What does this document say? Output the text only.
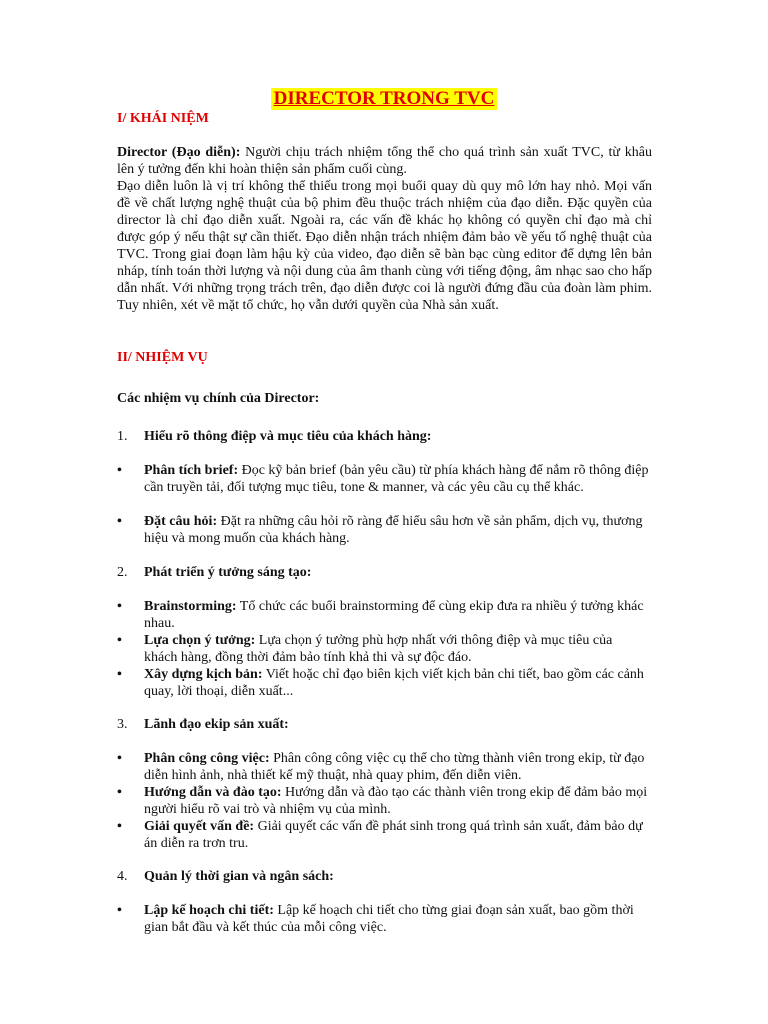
DIRECTOR TRONG TVC
I/ KHÁI NIỆM
Director (Đạo diễn): Người chịu trách nhiệm tổng thể cho quá trình sản xuất TVC, từ khâu lên ý tưởng đến khi hoàn thiện sản phẩm cuối cùng.
Đạo diễn luôn là vị trí không thể thiếu trong mọi buổi quay dù quy mô lớn hay nhỏ. Mọi vấn đề về chất lượng nghệ thuật của bộ phim đều thuộc trách nhiệm của đạo diễn. Đặc quyền của director là chỉ đạo diễn xuất. Ngoài ra, các vấn đề khác họ không có quyền chỉ đạo mà chỉ được góp ý nếu thật sự cần thiết. Đạo diễn nhận trách nhiệm đảm bảo về yếu tố nghệ thuật của TVC. Trong giai đoạn làm hậu kỳ của video, đạo diễn sẽ bàn bạc cùng editor để dựng lên bản nháp, tính toán thời lượng và nội dung của âm thanh cùng với tiếng động, âm nhạc sao cho hấp dẫn nhất. Với những trọng trách trên, đạo diễn được coi là người đứng đầu của đoàn làm phim. Tuy nhiên, xét về mặt tổ chức, họ vẫn dưới quyền của Nhà sản xuất.
II/ NHIỆM VỤ
Các nhiệm vụ chính của Director:
1. Hiểu rõ thông điệp và mục tiêu của khách hàng:
• Phân tích brief: Đọc kỹ bản brief (bản yêu cầu) từ phía khách hàng để nắm rõ thông điệp cần truyền tải, đối tượng mục tiêu, tone & manner, và các yêu cầu cụ thể khác.
• Đặt câu hỏi: Đặt ra những câu hỏi rõ ràng để hiểu sâu hơn về sản phẩm, dịch vụ, thương hiệu và mong muốn của khách hàng.
2. Phát triển ý tưởng sáng tạo:
• Brainstorming: Tổ chức các buổi brainstorming để cùng ekip đưa ra nhiều ý tưởng khác nhau.
• Lựa chọn ý tưởng: Lựa chọn ý tưởng phù hợp nhất với thông điệp và mục tiêu của khách hàng, đồng thời đảm bảo tính khả thi và sự độc đáo.
• Xây dựng kịch bản: Viết hoặc chỉ đạo biên kịch viết kịch bản chi tiết, bao gồm các cảnh quay, lời thoại, diễn xuất...
3. Lãnh đạo ekip sản xuất:
• Phân công công việc: Phân công công việc cụ thể cho từng thành viên trong ekip, từ đạo diễn hình ảnh, nhà thiết kế mỹ thuật, nhà quay phim, đến diễn viên.
• Hướng dẫn và đào tạo: Hướng dẫn và đào tạo các thành viên trong ekip để đảm bảo mọi người hiểu rõ vai trò và nhiệm vụ của mình.
• Giải quyết vấn đề: Giải quyết các vấn đề phát sinh trong quá trình sản xuất, đảm bảo dự án diễn ra trơn tru.
4. Quản lý thời gian và ngân sách:
• Lập kế hoạch chi tiết: Lập kế hoạch chi tiết cho từng giai đoạn sản xuất, bao gồm thời gian bắt đầu và kết thúc của mỗi công việc.
